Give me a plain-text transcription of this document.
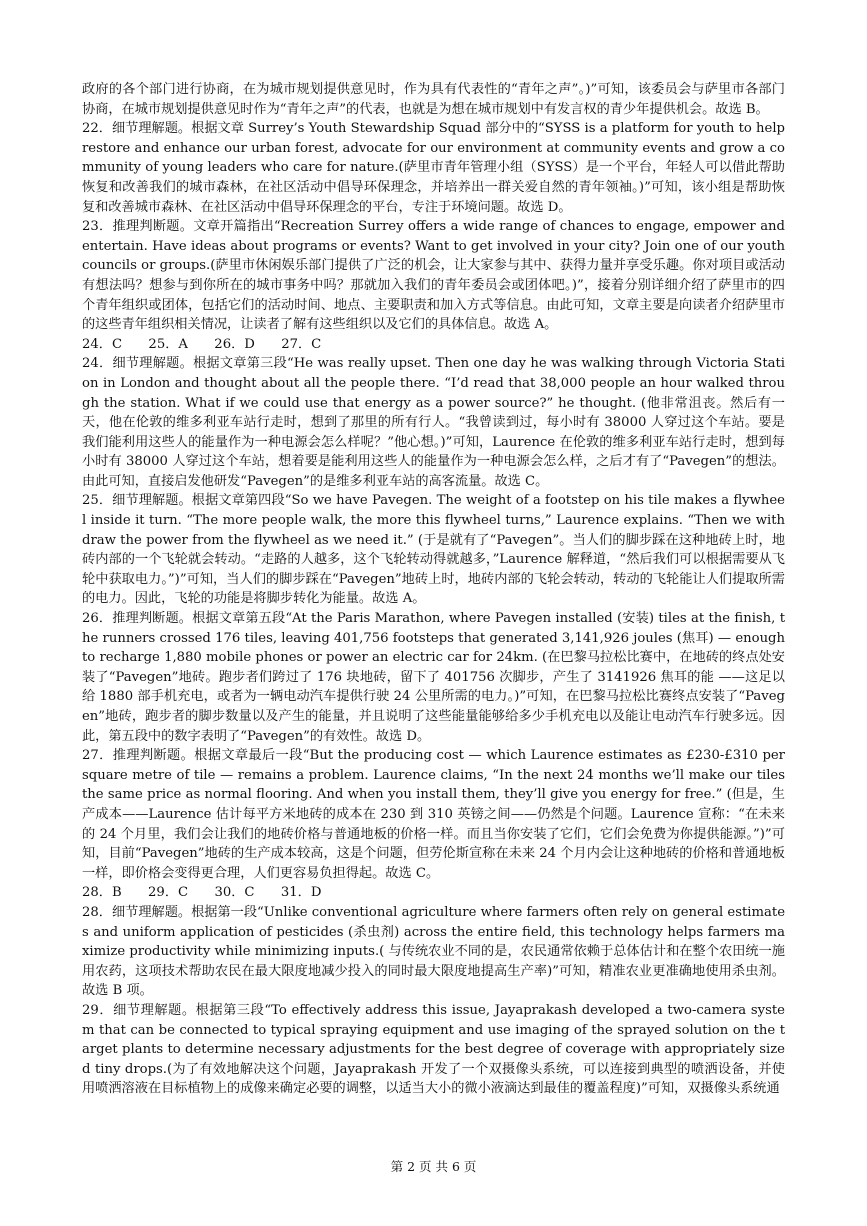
政府的各个部门进行协商，在为城市规划提供意见时，作为具有代表性的“青年之声”。)”可知，该委员会与萨里市各部门协商，在城市规划提供意见时作为“青年之声”的代表，也就是为想在城市规划中有发言权的青少年提供机会。故选 B。

22．细节理解题。根据文章 Surrey’s Youth Stewardship Squad 部分中的“SYSS is a platform for youth to help restore and enhance our urban forest, advocate for our environment at community events and grow a community of young leaders who care for nature.(萨里市青年管理小组（SYSS）是一个平台，年轻人可以借此帮助恢复和改善我们的城市森林，在社区活动中倡导环保理念，并培养出一群关爱自然的青年领袖。)”可知，该小组是帮助恢复和改善城市森林、在社区活动中倡导环保理念的平台，专注于环境问题。故选 D。

23．推理判断题。文章开篇指出“Recreation Surrey offers a wide range of chances to engage, empower and entertain. Have ideas about programs or events? Want to get involved in your city? Join one of our youth councils or groups.(萨里市休闲娱乐部门提供了广泛的机会，让大家参与其中、获得力量并享受乐趣。你对项目或活动有想法吗？想参与到你所在的城市事务中吗？那就加入我们的青年委员会或团体吧。)”，接着分别详细介绍了萨里市的四个青年组织或团体，包括它们的活动时间、地点、主要职责和加入方式等信息。由此可知，文章主要是向读者介绍萨里市的这些青年组织相关情况，让读者了解有这些组织以及它们的具体信息。故选 A。

24．C　　25．A　　26．D　　27．C

24．细节理解题。根据文章第三段“He was really upset. Then one day he was walking through Victoria Station in London and thought about all the people there. “I’d read that 38,000 people an hour walked through the station. What if we could use that energy as a power source?” he thought. (他非常沮丧。然后有一天，他在伦敦的维多利亚车站行走时，想到了那里的所有行人。“我曾读到过，每小时有 38000 人穿过这个车站。要是我们能利用这些人的能量作为一种电源会怎么样呢？”他心想。)”可知，Laurence 在伦敦的维多利亚车站行走时，想到每小时有 38000 人穿过这个车站，想着要是能利用这些人的能量作为一种电源会怎么样，之后才有了“Pavegen”的想法。由此可知，直接启发他研发“Pavegen”的是维多利亚车站的高客流量。故选 C。

25．细节理解题。根据文章第四段“So we have Pavegen. The weight of a footstep on his tile makes a flywheel inside it turn. “The more people walk, the more this flywheel turns,” Laurence explains. “Then we withdraw the power from the flywheel as we need it.” (于是就有了“Pavegen”。当人们的脚步踩在这种地砖上时，地砖内部的一个飞轮就会转动。“走路的人越多，这个飞轮转动得就越多，”Laurence 解释道，“然后我们可以根据需要从飞轮中获取电力。”)”可知，当人们的脚步踩在“Pavegen”地砖上时，地砖内部的飞轮会转动，转动的飞轮能让人们提取所需的电力。因此，飞轮的功能是将脚步转化为能量。故选 A。

26．推理判断题。根据文章第五段“At the Paris Marathon, where Pavegen installed (安装) tiles at the finish, the runners crossed 176 tiles, leaving 401,756 footsteps that generated 3,141,926 joules (焦耳) — enough to recharge 1,880 mobile phones or power an electric car for 24km. (在巴黎马拉松比赛中，在地砖的终点处安装了“Pavegen”地砖。跑步者们跨过了 176 块地砖，留下了 401756 次脚步，产生了 3141926 焦耳的能 ——这足以给 1880 部手机充电，或者为一辆电动汽车提供行驶 24 公里所需的电力。)”可知，在巴黎马拉松比赛终点安装了“Pavegen”地砖，跑步者的脚步数量以及产生的能量，并且说明了这些能量能够给多少手机充电以及能让电动汽车行驶多远。因此，第五段中的数字表明了“Pavegen”的有效性。故选 D。

27．推理判断题。根据文章最后一段“But the producing cost — which Laurence estimates as £230-£310 per square metre of tile — remains a problem. Laurence claims, “In the next 24 months we’ll make our tiles the same price as normal flooring. And when you install them, they’ll give you energy for free.” (但是，生产成本——Laurence 估计每平方米地砖的成本在 230 到 310 英镑之间——仍然是个问题。Laurence 宣称：“在未来的 24 个月里，我们会让我们的地砖价格与普通地板的价格一样。而且当你安装了它们，它们会免费为你提供能源。”)”可知，目前“Pavegen”地砖的生产成本较高，这是个问题，但劳伦斯宣称在未来 24 个月内会让这种地砖的价格和普通地板一样，即价格会变得更合理，人们更容易负担得起。故选 C。

28．B　　29．C　　30．C　　31．D

28．细节理解题。根据第一段“Unlike conventional agriculture where farmers often rely on general estimates and uniform application of pesticides (杀虫剂) across the entire field, this technology helps farmers maximize productivity while minimizing inputs.( 与传统农业不同的是，农民通常依赖于总体估计和在整个农田统一施用农药，这项技术帮助农民在最大限度地减少投入的同时最大限度地提高生产率)”可知，精准农业更准确地使用杀虫剂。故选 B 项。

29．细节理解题。根据第三段“To effectively address this issue, Jayaprakash developed a two-camera system that can be connected to typical spraying equipment and use imaging of the sprayed solution on the target plants to determine necessary adjustments for the best degree of coverage with appropriately sized tiny drops.(为了有效地解决这个问题，Jayaprakash 开发了一个双摄像头系统，可以连接到典型的喷洒设备，并使用喷洒溶液在目标植物上的成像来确定必要的调整，以适当大小的微小液滴达到最佳的覆盖程度)”可知，双摄像头系统通

第 2 页 共 6 页
